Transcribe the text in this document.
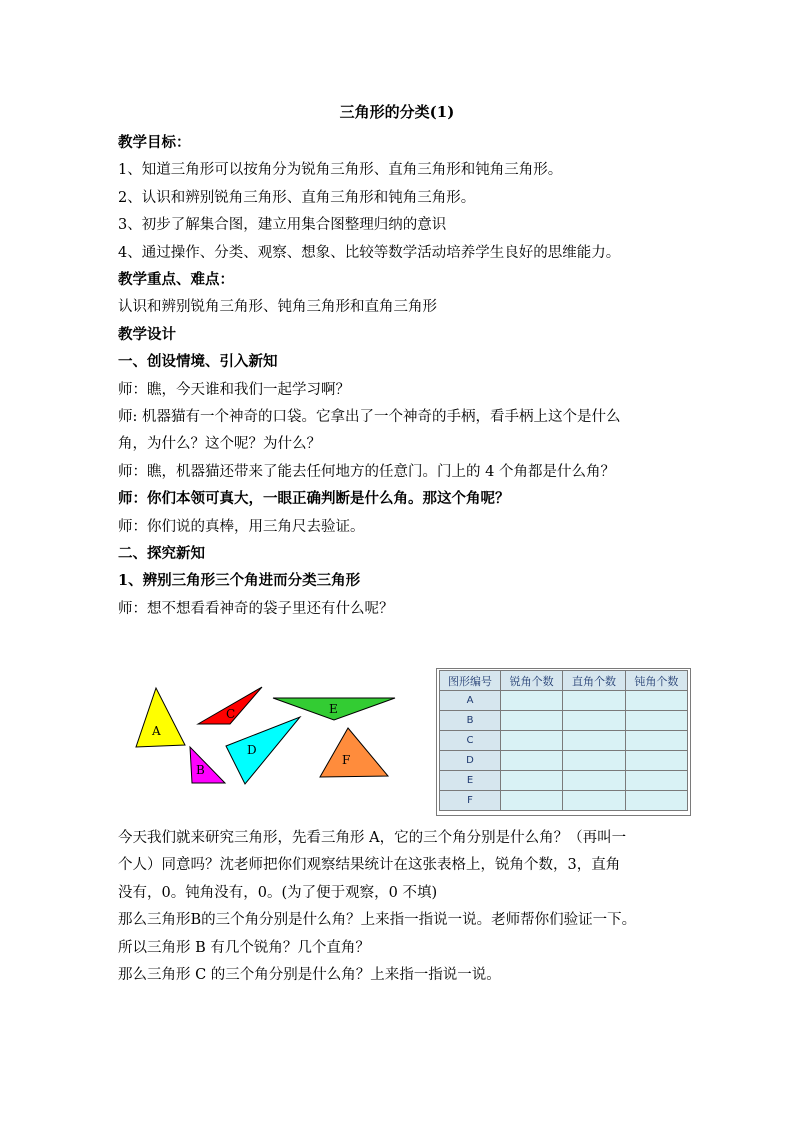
三角形的分类(1)
教学目标：
1、知道三角形可以按角分为锐角三角形、直角三角形和钝角三角形。
2、认识和辨别锐角三角形、直角三角形和钝角三角形。
3、初步了解集合图，建立用集合图整理归纳的意识
4、通过操作、分类、观察、想象、比较等数学活动培养学生良好的思维能力。
教学重点、难点：
认识和辨别锐角三角形、钝角三角形和直角三角形
教学设计
一、创设情境、引入新知
师：瞧，今天谁和我们一起学习啊？
师: 机器猫有一个神奇的口袋。它拿出了一个神奇的手柄，看手柄上这个是什么
角，为什么？这个呢？为什么？
师：瞧，机器猫还带来了能去任何地方的任意门。门上的 4 个角都是什么角？
师：你们本领可真大，一眼正确判断是什么角。那这个角呢？
师：你们说的真棒，用三角尺去验证。
二、探究新知
1、辨别三角形三个角进而分类三角形
师：想不想看看神奇的袋子里还有什么呢？
A
B
C
D
E
F
图形编号	锐角个数	直角个数	钝角个数
A			
B			
C			
D			
E			
F			
今天我们就来研究三角形，先看三角形 A，它的三个角分别是什么角？（再叫一
个人）同意吗？沈老师把你们观察结果统计在这张表格上，锐角个数，3，直角
没有，0。钝角没有，0。(为了便于观察，0 不填)
那么三角形B的三个角分别是什么角？上来指一指说一说。老师帮你们验证一下。
所以三角形 B 有几个锐角？几个直角？
那么三角形 C 的三个角分别是什么角？上来指一指说一说。
